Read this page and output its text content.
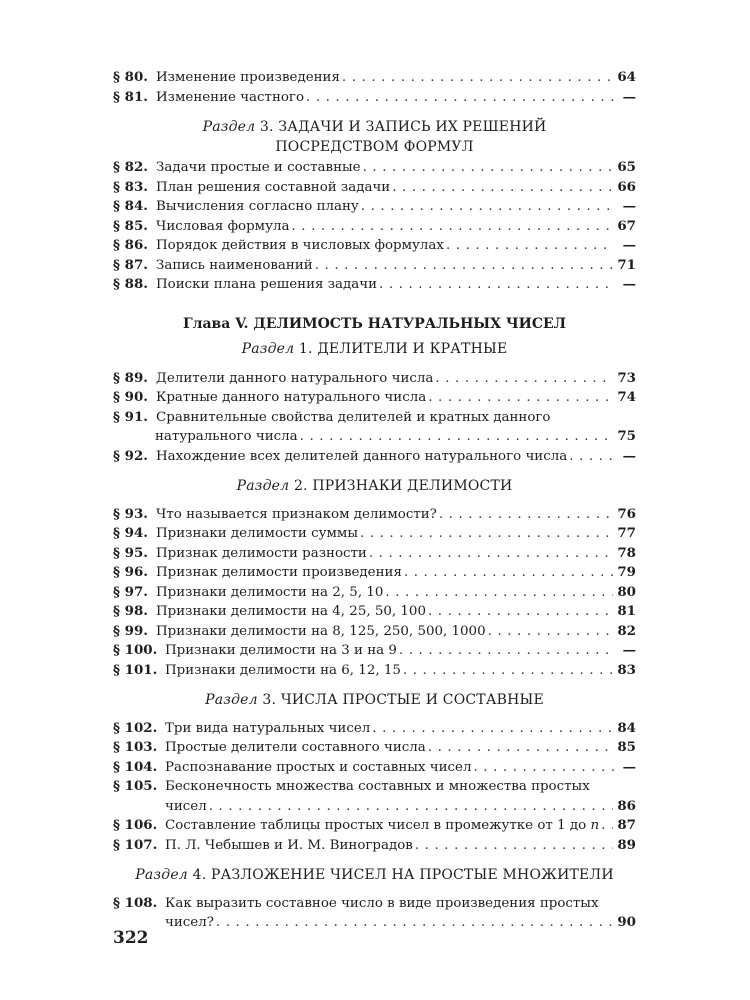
§ 80. Изменение произведения . . .	64
§ 81. Изменение частного . . .	—
Раздел 3. ЗАДАЧИ И ЗАПИСЬ ИХ РЕШЕНИЙ
ПОСРЕДСТВОМ ФОРМУЛ
§ 82. Задачи простые и составные . . .	65
§ 83. План решения составной задачи . . .	66
§ 84. Вычисления согласно плану . . .	—
§ 85. Числовая формула . . .	67
§ 86. Порядок действия в числовых формулах . . .	—
§ 87. Запись наименований . . .	71
§ 88. Поиски плана решения задачи . . .	—
Глава V. ДЕЛИМОСТЬ НАТУРАЛЬНЫХ ЧИСЕЛ
Раздел 1. ДЕЛИТЕЛИ И КРАТНЫЕ
§ 89. Делители данного натурального числа . . .	73
§ 90. Кратные данного натурального числа . . .	74
§ 91. Сравнительные свойства делителей и кратных данного
натурального числа . . .	75
§ 92. Нахождение всех делителей данного натурального числа . . .	—
Раздел 2. ПРИЗНАКИ ДЕЛИМОСТИ
§ 93. Что называется признаком делимости? . . .	76
§ 94. Признаки делимости суммы . . .	77
§ 95. Признак делимости разности . . .	78
§ 96. Признак делимости произведения . . .	79
§ 97. Признаки делимости на 2, 5, 10 . . .	80
§ 98. Признаки делимости на 4, 25, 50, 100 . . .	81
§ 99. Признаки делимости на 8, 125, 250, 500, 1000 . . .	82
§ 100. Признаки делимости на 3 и на 9 . . .	—
§ 101. Признаки делимости на 6, 12, 15 . . .	83
Раздел 3. ЧИСЛА ПРОСТЫЕ И СОСТАВНЫЕ
§ 102. Три вида натуральных чисел . . .	84
§ 103. Простые делители составного числа . . .	85
§ 104. Распознавание простых и составных чисел . . .	—
§ 105. Бесконечность множества составных и множества простых
чисел . . .	86
§ 106. Составление таблицы простых чисел в промежутке от 1 до n . . . 87
§ 107. П. Л. Чебышев и И. М. Виноградов . . .	89
Раздел 4. РАЗЛОЖЕНИЕ ЧИСЕЛ НА ПРОСТЫЕ МНОЖИТЕЛИ
§ 108. Как выразить составное число в виде произведения простых
чисел? . . .	90
322
